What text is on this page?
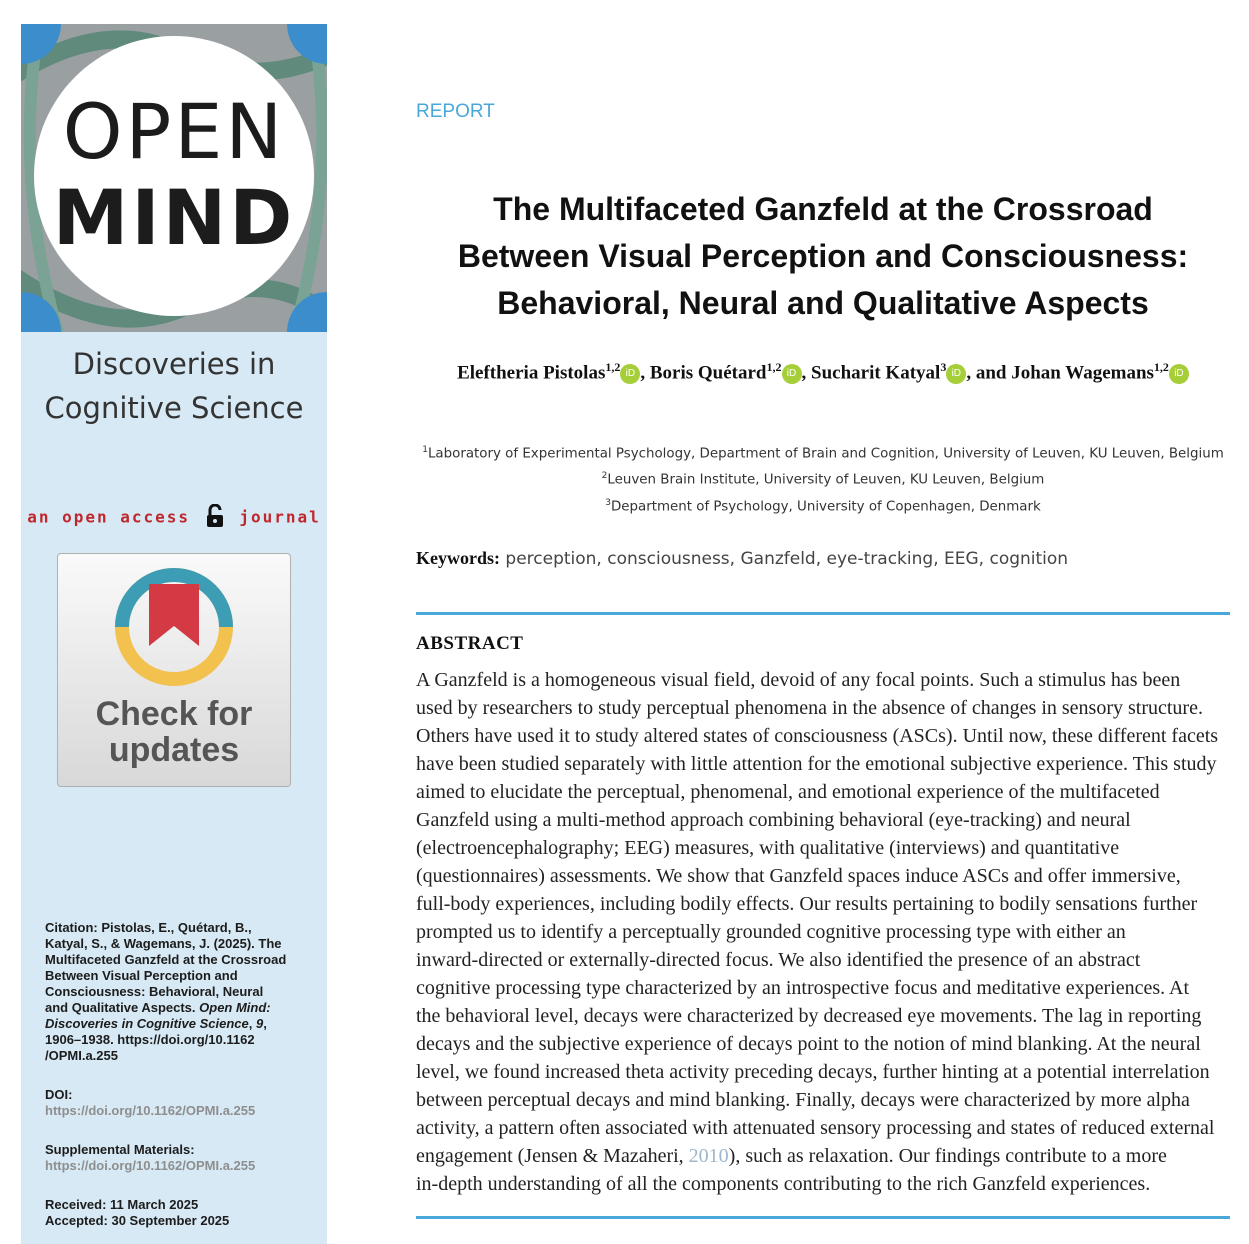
OPEN
MIND
Discoveries in
Cognitive Science
an open access	journal
Check for
updates
Citation: Pistolas, E., Quétard, B.,
Katyal, S., & Wagemans, J. (2025). The
Multifaceted Ganzfeld at the Crossroad
Between Visual Perception and
Consciousness: Behavioral, Neural
and Qualitative Aspects. Open Mind:
Discoveries in Cognitive Science, 9,
1906–1938. https://doi.org/10.1162
/OPMI.a.255
DOI:
https://doi.org/10.1162/OPMI.a.255
Supplemental Materials:
https://doi.org/10.1162/OPMI.a.255
Received: 11 March 2025
Accepted: 30 September 2025
REPORT
The Multifaceted Ganzfeld at the Crossroad
Between Visual Perception and Consciousness:
Behavioral, Neural and Qualitative Aspects
Eleftheria Pistolas$^{1,2}$ iD , Boris Quétard$^{1,2}$ iD , Sucharit Katyal$^3$ iD , and Johan Wagemans$^{1,2}$ iD
$^1$Laboratory of Experimental Psychology, Department of Brain and Cognition, University of Leuven, KU Leuven, Belgium
$^2$Leuven Brain Institute, University of Leuven, KU Leuven, Belgium
$^3$Department of Psychology, University of Copenhagen, Denmark
Keywords: perception, consciousness, Ganzfeld, eye-tracking, EEG, cognition
ABSTRACT
A Ganzfeld is a homogeneous visual field, devoid of any focal points. Such a stimulus has been
used by researchers to study perceptual phenomena in the absence of changes in sensory structure.
Others have used it to study altered states of consciousness (ASCs). Until now, these different facets
have been studied separately with little attention for the emotional subjective experience. This study
aimed to elucidate the perceptual, phenomenal, and emotional experience of the multifaceted
Ganzfeld using a multi-method approach combining behavioral (eye-tracking) and neural
(electroencephalography; EEG) measures, with qualitative (interviews) and quantitative
(questionnaires) assessments. We show that Ganzfeld spaces induce ASCs and offer immersive,
full-body experiences, including bodily effects. Our results pertaining to bodily sensations further
prompted us to identify a perceptually grounded cognitive processing type with either an
inward-directed or externally-directed focus. We also identified the presence of an abstract
cognitive processing type characterized by an introspective focus and meditative experiences. At
the behavioral level, decays were characterized by decreased eye movements. The lag in reporting
decays and the subjective experience of decays point to the notion of mind blanking. At the neural
level, we found increased theta activity preceding decays, further hinting at a potential interrelation
between perceptual decays and mind blanking. Finally, decays were characterized by more alpha
activity, a pattern often associated with attenuated sensory processing and states of reduced external
engagement (Jensen & Mazaheri, 2010), such as relaxation. Our findings contribute to a more
in-depth understanding of all the components contributing to the rich Ganzfeld experiences.
